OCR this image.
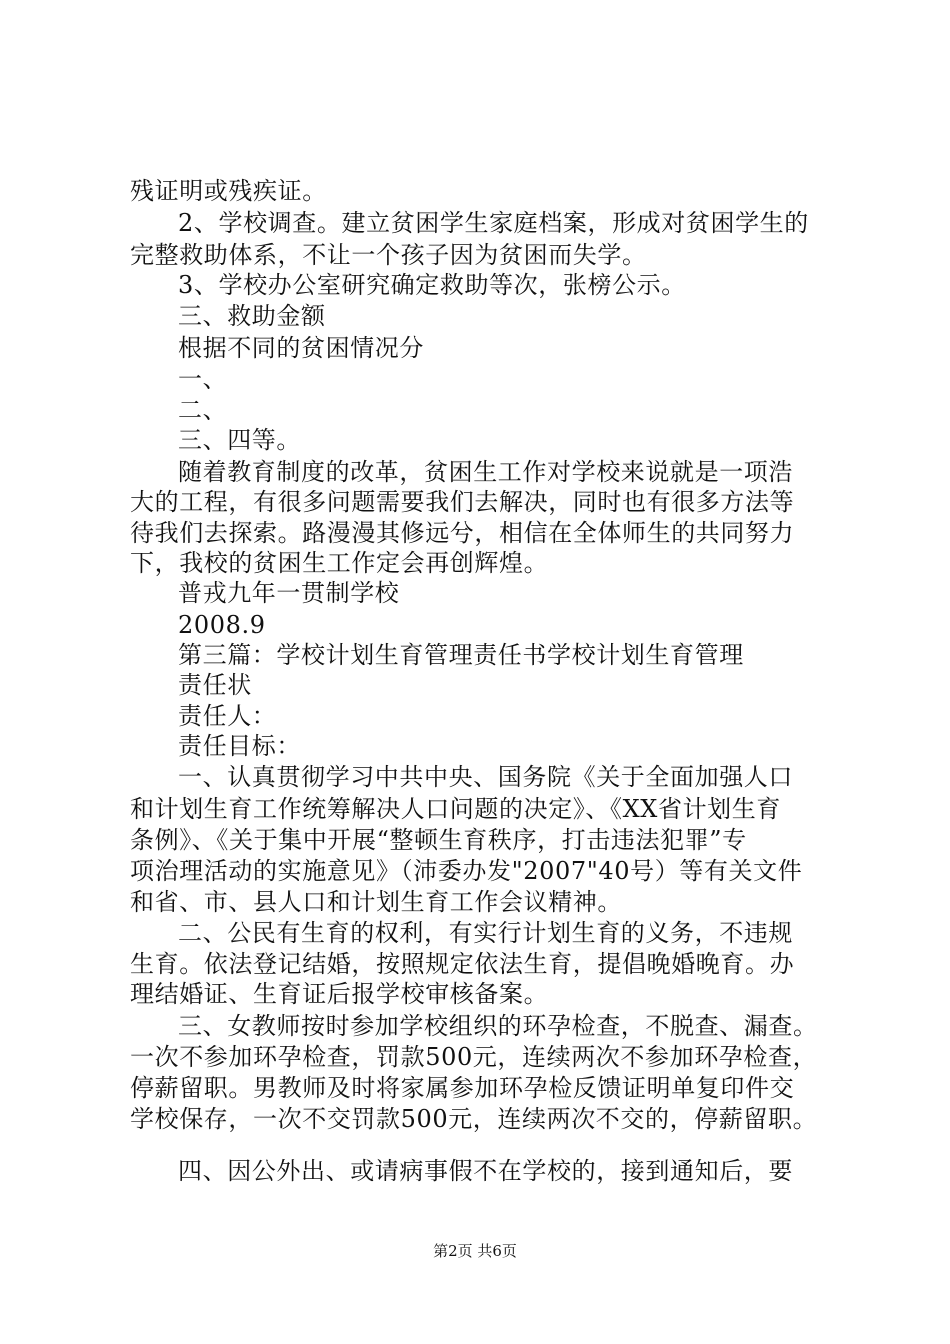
残证明或残疾证。
2、学校调查。建立贫困学生家庭档案，形成对贫困学生的
完整救助体系，不让一个孩子因为贫困而失学。
3、学校办公室研究确定救助等次，张榜公示。
三、救助金额
根据不同的贫困情况分
一、
二、
三、四等。
随着教育制度的改革，贫困生工作对学校来说就是一项浩
大的工程，有很多问题需要我们去解决，同时也有很多方法等
待我们去探索。路漫漫其修远兮，相信在全体师生的共同努力
下，我校的贫困生工作定会再创辉煌。
普戎九年一贯制学校
2008.9
第三篇：学校计划生育管理责任书学校计划生育管理
责任状
责任人：
责任目标：
一、认真贯彻学习中共中央、国务院《关于全面加强人口
和计划生育工作统筹解决人口问题的决定》、《XX省计划生育
条例》、《关于集中开展“整顿生育秩序，打击违法犯罪”专
项治理活动的实施意见》（沛委办发"2007"40号）等有关文件
和省、市、县人口和计划生育工作会议精神。
二、公民有生育的权利，有实行计划生育的义务，不违规
生育。依法登记结婚，按照规定依法生育，提倡晚婚晚育。办
理结婚证、生育证后报学校审核备案。
三、女教师按时参加学校组织的环孕检查，不脱查、漏查。
一次不参加环孕检查，罚款500元，连续两次不参加环孕检查，
停薪留职。男教师及时将家属参加环孕检反馈证明单复印件交
学校保存，一次不交罚款500元，连续两次不交的，停薪留职。
四、因公外出、或请病事假不在学校的，接到通知后，要
第2页 共6页
